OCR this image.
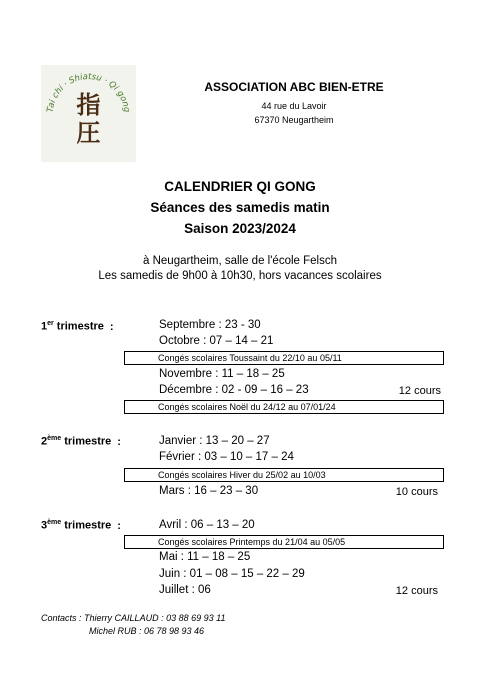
Tai chi · Shiatsu · Qi gong
指
圧
ASSOCIATION ABC BIEN-ETRE
44 rue du Lavoir
67370 Neugartheim
CALENDRIER QI GONG
Séances des samedis matin
Saison 2023/2024
à Neugartheim, salle de l'école Felsch
Les samedis de 9h00 à 10h30, hors vacances scolaires
1er trimestre :	Septembre : 23 - 30
Octobre : 07 – 14 – 21
Congés scolaires Toussaint du 22/10 au 05/11
Novembre : 11 – 18 – 25
Décembre : 02 - 09 – 16 – 23	12 cours
Congés scolaires Noël du 24/12 au 07/01/24
2ème trimestre :	Janvier : 13 – 20 – 27
Février : 03 – 10 – 17 – 24
Congés scolaires Hiver du 25/02 au 10/03
Mars : 16 – 23 – 30	10 cours
3ème trimestre :	Avril : 06 – 13 – 20
Congés scolaires Printemps du 21/04 au 05/05
Mai : 11 – 18 – 25
Juin : 01 – 08 – 15 – 22 – 29
Juillet : 06	12 cours
Contacts : Thierry CAILLAUD : 03 88 69 93 11
Michel RUB : 06 78 98 93 46
